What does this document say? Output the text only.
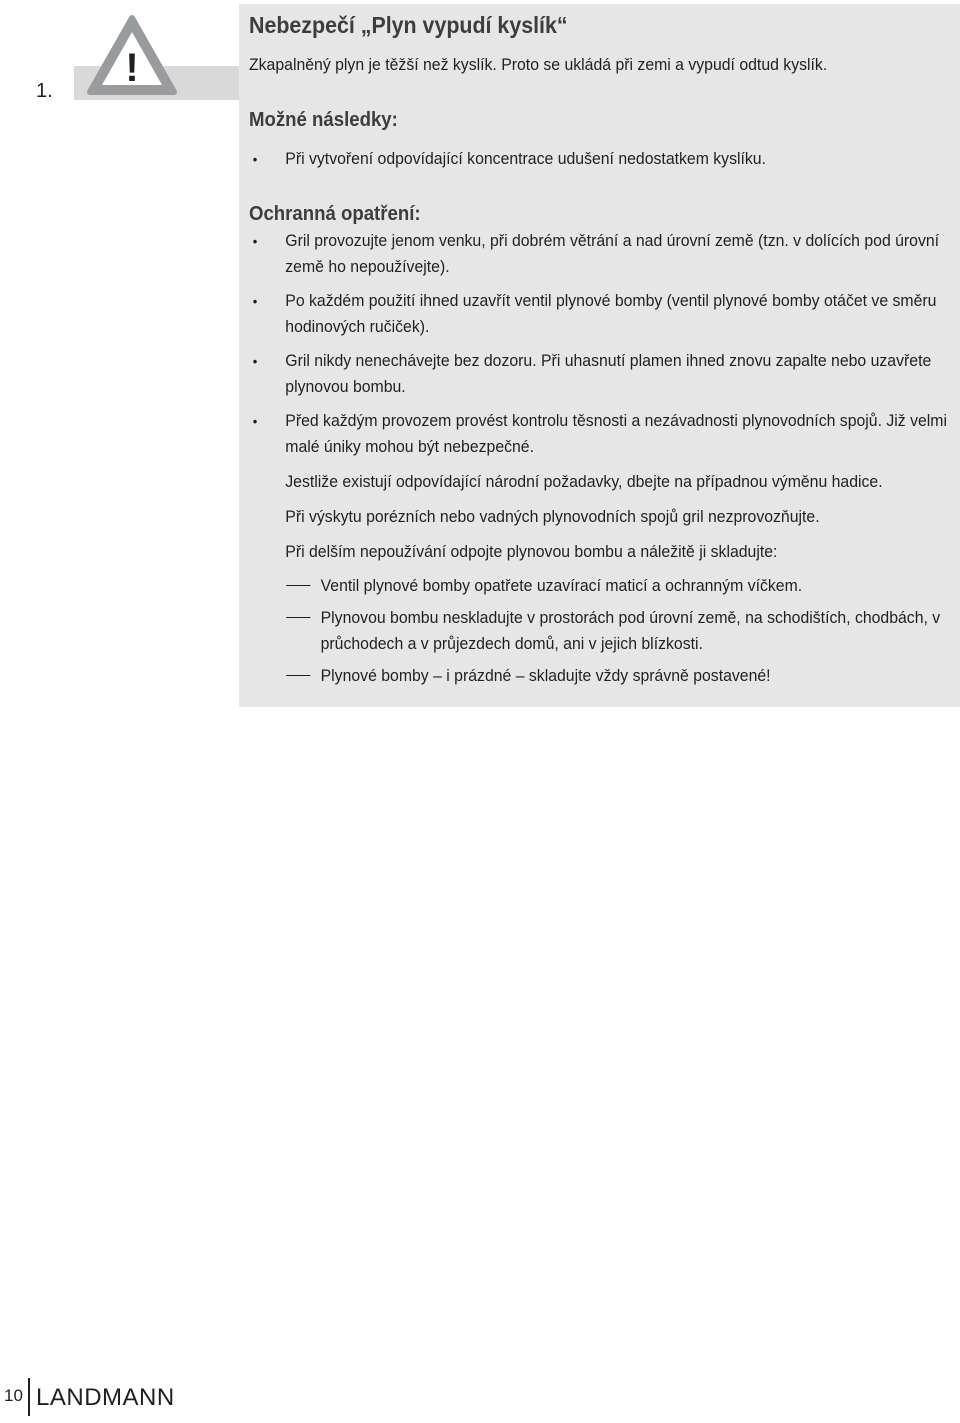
1.
!
Nebezpečí „Plyn vypudí kyslík“

Zkapalněný plyn je těžší než kyslík. Proto se ukládá při zemi a vypudí odtud kyslík.

Možné následky:
• Při vytvoření odpovídající koncentrace udušení nedostatkem kyslíku.
Ochranná opatření:
• Gril provozujte jenom venku, při dobrém větrání a nad úrovní země (tzn. v dolících pod úrovní země ho nepoužívejte).
• Po každém použití ihned uzavřít ventil plynové bomby (ventil plynové bomby otáčet ve směru hodinových ručiček).
• Gril nikdy nenechávejte bez dozoru. Při uhasnutí plamen ihned znovu zapalte nebo uzavřete plynovou bombu.
• Před každým provozem provést kontrolu těsnosti a nezávadnosti plynovodních spojů. Již velmi malé úniky mohou být nebezpečné.

Jestliže existují odpovídající národní požadavky, dbejte na případnou výměnu hadice.

Při výskytu porézních nebo vadných plynovodních spojů gril nezprovozňujte.

Při delším nepoužívání odpojte plynovou bombu a náležitě ji skladujte:

Ventil plynové bomby opatřete uzavírací maticí a ochranným víčkem.
Plynovou bombu neskladujte v prostorách pod úrovní země, na schodištích, chodbách, v průchodech a v průjezdech domů, ani v jejich blízkosti.
Plynové bomby – i prázdné – skladujte vždy správně postavené!
10 LANDMANN
